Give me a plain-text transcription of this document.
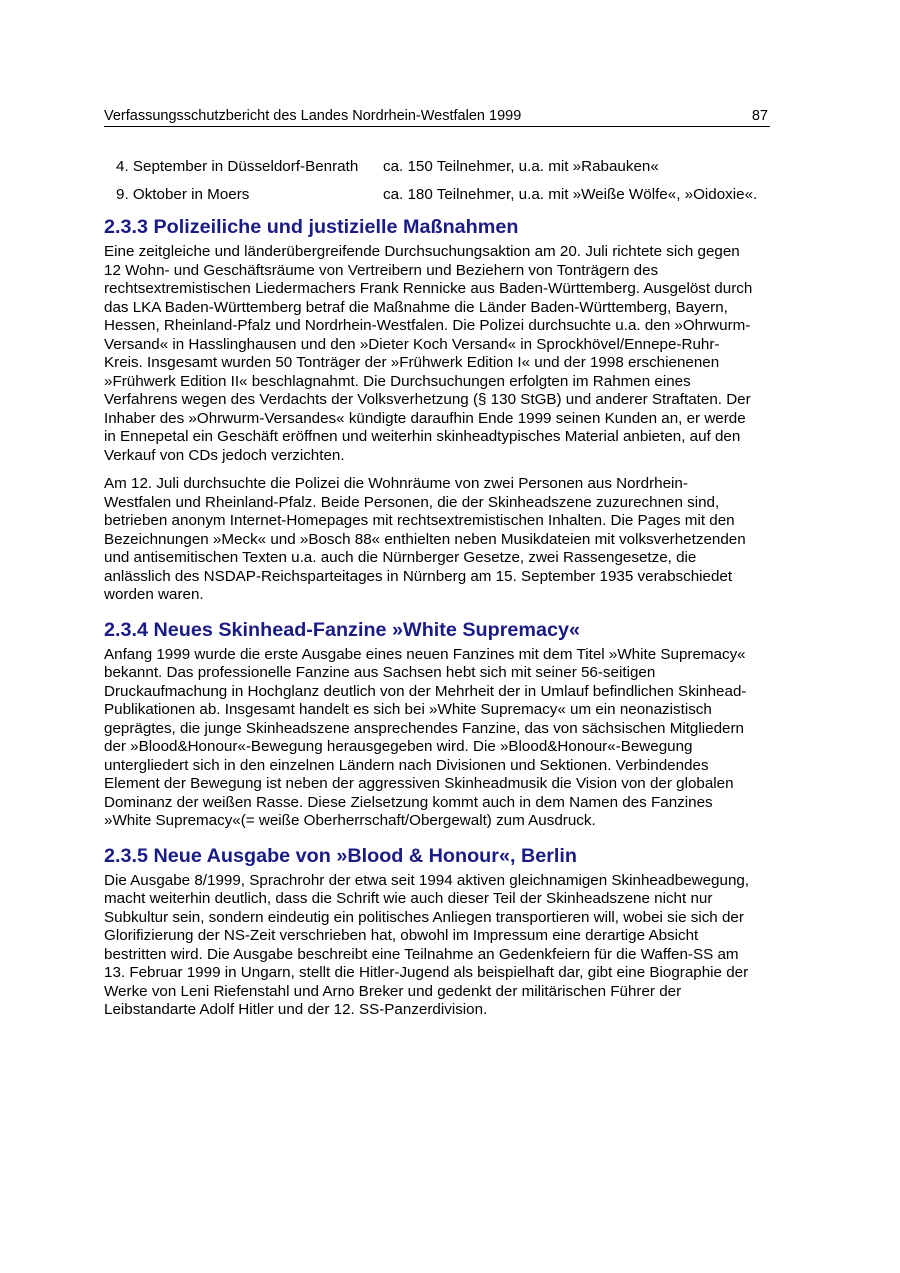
Verfassungsschutzbericht des Landes Nordrhein-Westfalen 1999	87
4. September in Düsseldorf-Benrath ca. 150 Teilnehmer, u.a. mit »Rabauken«
9. Oktober in Moers	ca. 180 Teilnehmer, u.a. mit »Weiße Wölfe«, »Oidoxie«.
2.3.3 Polizeiliche und justizielle Maßnahmen

Eine zeitgleiche und länderübergreifende Durchsuchungsaktion am 20. Juli richtete sich gegen
12 Wohn- und Geschäftsräume von Vertreibern und Beziehern von Tonträgern des
rechtsextremistischen Liedermachers Frank Rennicke aus Baden-Württemberg. Ausgelöst durch
das LKA Baden-Württemberg betraf die Maßnahme die Länder Baden-Württemberg, Bayern,
Hessen, Rheinland-Pfalz und Nordrhein-Westfalen. Die Polizei durchsuchte u.a. den »Ohrwurm-
Versand« in Hasslinghausen und den »Dieter Koch Versand« in Sprockhövel/Ennepe-Ruhr-
Kreis. Insgesamt wurden 50 Tonträger der »Frühwerk Edition I« und der 1998 erschienenen
»Frühwerk Edition II« beschlagnahmt. Die Durchsuchungen erfolgten im Rahmen eines
Verfahrens wegen des Verdachts der Volksverhetzung (§ 130 StGB) und anderer Straftaten. Der
Inhaber des »Ohrwurm-Versandes« kündigte daraufhin Ende 1999 seinen Kunden an, er werde
in Ennepetal ein Geschäft eröffnen und weiterhin skinheadtypisches Material anbieten, auf den
Verkauf von CDs jedoch verzichten.

Am 12. Juli durchsuchte die Polizei die Wohnräume von zwei Personen aus Nordrhein-
Westfalen und Rheinland-Pfalz. Beide Personen, die der Skinheadszene zuzurechnen sind,
betrieben anonym Internet-Homepages mit rechtsextremistischen Inhalten. Die Pages mit den
Bezeichnungen »Meck« und »Bosch 88« enthielten neben Musikdateien mit volksverhetzenden
und antisemitischen Texten u.a. auch die Nürnberger Gesetze, zwei Rassengesetze, die
anlässlich des NSDAP-Reichsparteitages in Nürnberg am 15. September 1935 verabschiedet
worden waren.

2.3.4 Neues Skinhead-Fanzine »White Supremacy«

Anfang 1999 wurde die erste Ausgabe eines neuen Fanzines mit dem Titel »White Supremacy«
bekannt. Das professionelle Fanzine aus Sachsen hebt sich mit seiner 56-seitigen
Druckaufmachung in Hochglanz deutlich von der Mehrheit der in Umlauf befindlichen Skinhead-
Publikationen ab. Insgesamt handelt es sich bei »White Supremacy« um ein neonazistisch
geprägtes, die junge Skinheadszene ansprechendes Fanzine, das von sächsischen Mitgliedern
der »Blood&Honour«-Bewegung herausgegeben wird. Die »Blood&Honour«-Bewegung
untergliedert sich in den einzelnen Ländern nach Divisionen und Sektionen. Verbindendes
Element der Bewegung ist neben der aggressiven Skinheadmusik die Vision von der globalen
Dominanz der weißen Rasse. Diese Zielsetzung kommt auch in dem Namen des Fanzines
»White Supremacy«(= weiße Oberherrschaft/Obergewalt) zum Ausdruck.

2.3.5 Neue Ausgabe von »Blood & Honour«, Berlin

Die Ausgabe 8/1999, Sprachrohr der etwa seit 1994 aktiven gleichnamigen Skinheadbewegung,
macht weiterhin deutlich, dass die Schrift wie auch dieser Teil der Skinheadszene nicht nur
Subkultur sein, sondern eindeutig ein politisches Anliegen transportieren will, wobei sie sich der
Glorifizierung der NS-Zeit verschrieben hat, obwohl im Impressum eine derartige Absicht
bestritten wird. Die Ausgabe beschreibt eine Teilnahme an Gedenkfeiern für die Waffen-SS am
13. Februar 1999 in Ungarn, stellt die Hitler-Jugend als beispielhaft dar, gibt eine Biographie der
Werke von Leni Riefenstahl und Arno Breker und gedenkt der militärischen Führer der
Leibstandarte Adolf Hitler und der 12. SS-Panzerdivision.
